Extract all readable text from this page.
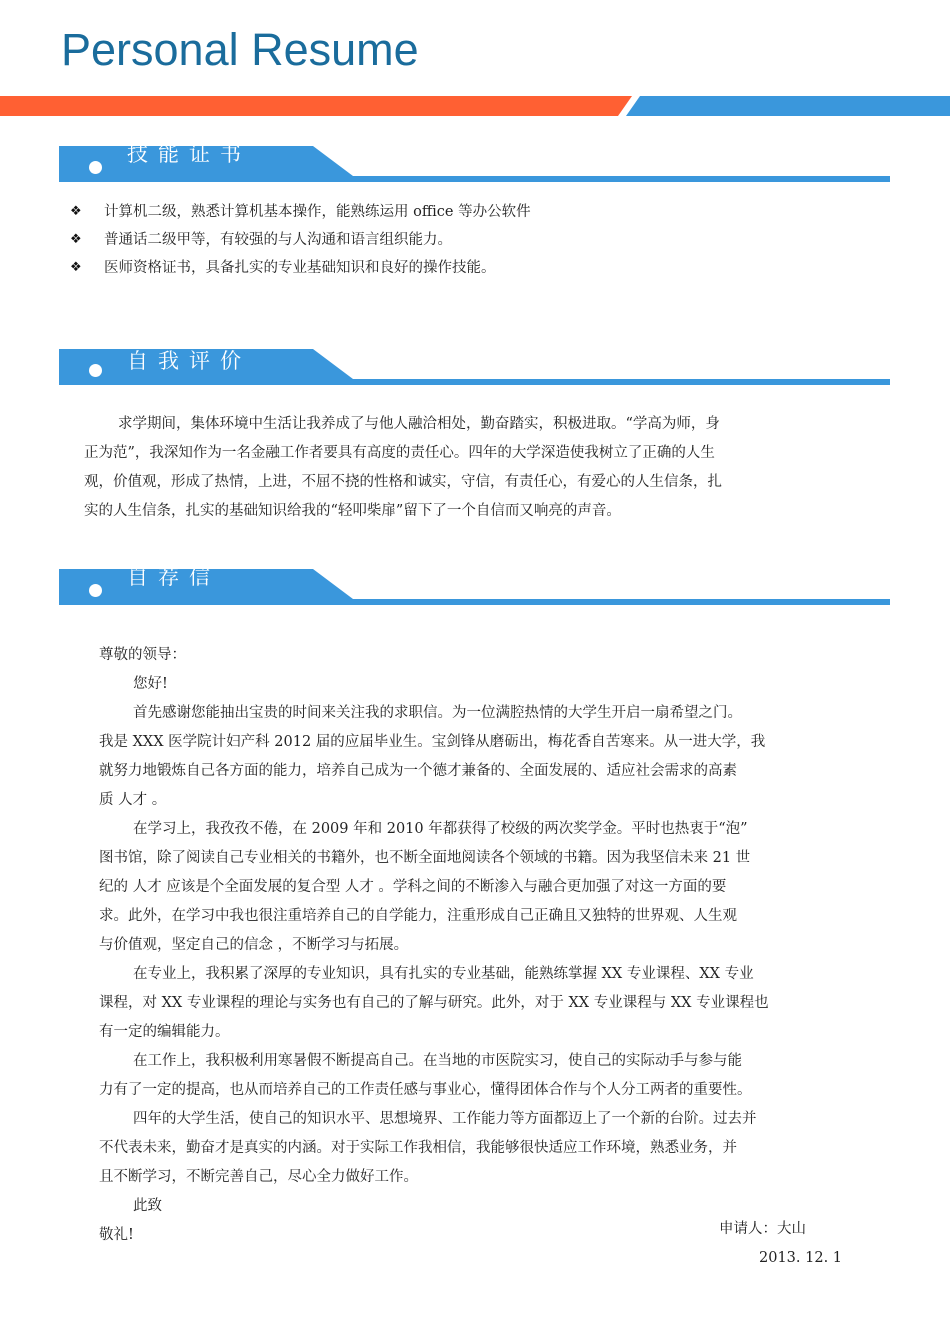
Personal Resume
技能证书
❖	计算机二级，熟悉计算机基本操作，能熟练运用 office 等办公软件
❖	普通话二级甲等，有较强的与人沟通和语言组织能力。
❖	医师资格证书，具备扎实的专业基础知识和良好的操作技能。
自我评价

求学期间，集体环境中生活让我养成了与他人融洽相处，勤奋踏实，积极进取。“学高为师，身

正为范”，我深知作为一名金融工作者要具有高度的责任心。四年的大学深造使我树立了正确的人生

观，价值观，形成了热情，上进，不屈不挠的性格和诚实，守信，有责任心，有爱心的人生信条，扎

实的人生信条，扎实的基础知识给我的“轻叩柴扉”留下了一个自信而又响亮的声音。

自荐信

尊敬的领导：

您好!

首先感谢您能抽出宝贵的时间来关注我的求职信。为一位满腔热情的大学生开启一扇希望之门。

我是 XXX 医学院计妇产科 2012 届的应届毕业生。宝剑锋从磨砺出，梅花香自苦寒来。从一进大学，我

就努力地锻炼自己各方面的能力，培养自己成为一个德才兼备的、全面发展的、适应社会需求的高素

质 人才 。

在学习上，我孜孜不倦，在 2009 年和 2010 年都获得了校级的两次奖学金。平时也热衷于“泡”

图书馆，除了阅读自己专业相关的书籍外，也不断全面地阅读各个领域的书籍。因为我坚信未来 21 世

纪的 人才 应该是个全面发展的复合型 人才 。学科之间的不断渗入与融合更加强了对这一方面的要

求。此外，在学习中我也很注重培养自己的自学能力，注重形成自己正确且又独特的世界观、人生观

与价值观，坚定自己的信念 ，不断学习与拓展。

在专业上，我积累了深厚的专业知识，具有扎实的专业基础，能熟练掌握 XX 专业课程、XX 专业

课程，对 XX 专业课程的理论与实务也有自己的了解与研究。此外，对于 XX 专业课程与 XX 专业课程也

有一定的编辑能力。

在工作上，我积极利用寒暑假不断提高自己。在当地的市医院实习，使自己的实际动手与参与能

力有了一定的提高，也从而培养自己的工作责任感与事业心，懂得团体合作与个人分工两者的重要性。

四年的大学生活，使自己的知识水平、思想境界、工作能力等方面都迈上了一个新的台阶。过去并

不代表未来，勤奋才是真实的内涵。对于实际工作我相信，我能够很快适应工作环境，熟悉业务，并

且不断学习，不断完善自己，尽心全力做好工作。

此致

敬礼!	申请人：大山
2013. 12. 1
